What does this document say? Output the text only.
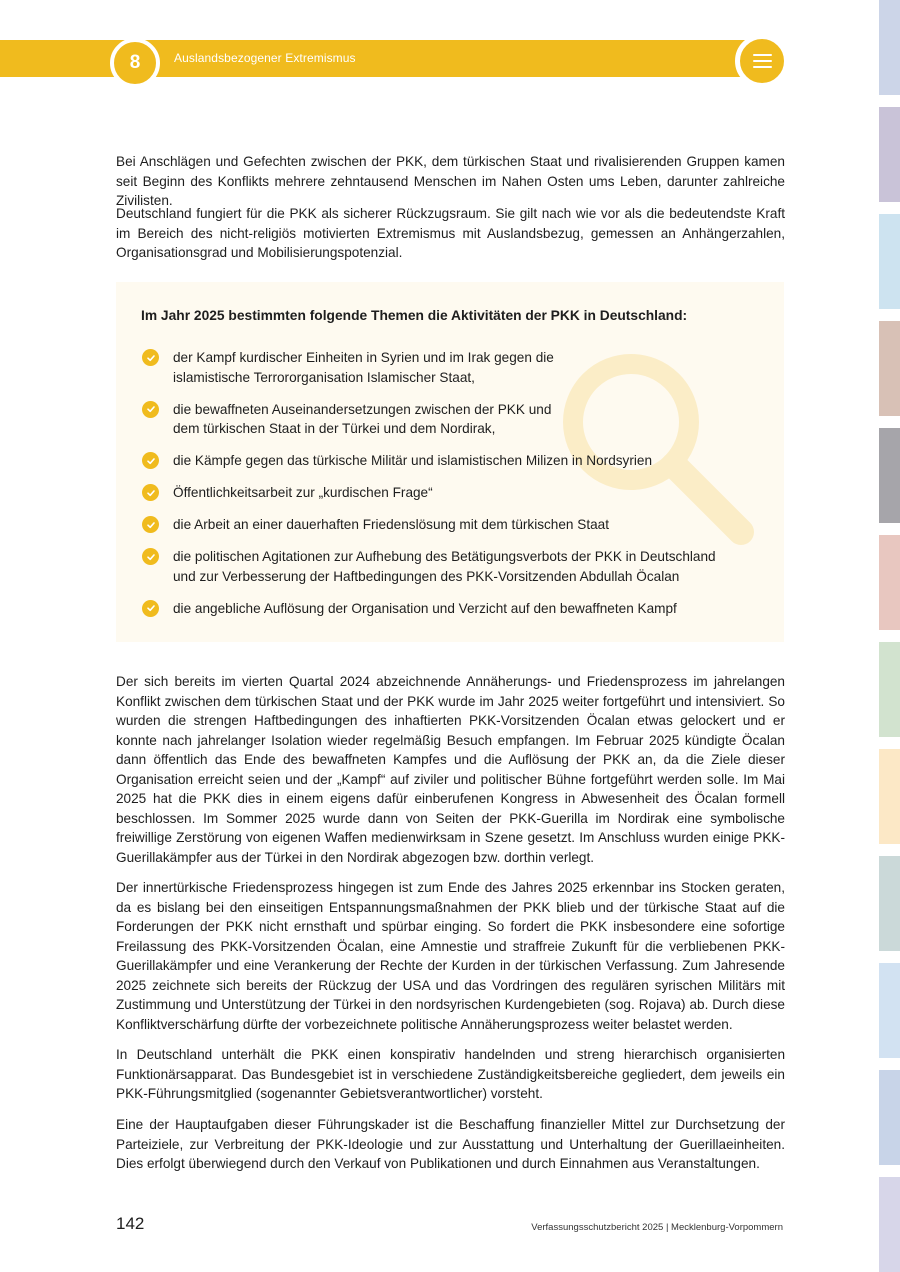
8	Auslandsbezogener Extremismus

Bei Anschlägen und Gefechten zwischen der PKK, dem türkischen Staat und rivalisierenden Gruppen kamen seit Beginn des Konflikts mehrere zehntausend Menschen im Nahen Osten ums Leben, darunter zahlreiche Zivilisten.

Deutschland fungiert für die PKK als sicherer Rückzugsraum. Sie gilt nach wie vor als die bedeutendste Kraft im Bereich des nicht-religiös motivierten Extremismus mit Auslandsbezug, gemessen an Anhängerzahlen, Organisationsgrad und Mobilisierungspotenzial.

Im Jahr 2025 bestimmten folgende Themen die Aktivitäten der PKK in Deutschland:

der Kampf kurdischer Einheiten in Syrien und im Irak gegen die
islamistische Terrororganisation Islamischer Staat,
die bewaffneten Auseinandersetzungen zwischen der PKK und
dem türkischen Staat in der Türkei und dem Nordirak,
die Kämpfe gegen das türkische Militär und islamistischen Milizen in Nordsyrien
Öffentlichkeitsarbeit zur „kurdischen Frage“
die Arbeit an einer dauerhaften Friedenslösung mit dem türkischen Staat
die politischen Agitationen zur Aufhebung des Betätigungsverbots der PKK in Deutschland
und zur Verbesserung der Haftbedingungen des PKK-Vorsitzenden Abdullah Öcalan
die angebliche Auflösung der Organisation und Verzicht auf den bewaffneten Kampf

Der sich bereits im vierten Quartal 2024 abzeichnende Annäherungs- und Friedensprozess im jahrelangen Konflikt zwischen dem türkischen Staat und der PKK wurde im Jahr 2025 weiter fortgeführt und intensiviert. So wurden die strengen Haftbedingungen des inhaftierten PKK-Vorsitzenden Öcalan etwas gelockert und er konnte nach jahrelanger Isolation wieder regelmäßig Besuch empfangen. Im Februar 2025 kündigte Öcalan dann öffentlich das Ende des bewaffneten Kampfes und die Auflösung der PKK an, da die Ziele dieser Organisation erreicht seien und der „Kampf“ auf ziviler und politischer Bühne fortgeführt werden solle. Im Mai 2025 hat die PKK dies in einem eigens dafür einberufenen Kongress in Abwesenheit des Öcalan formell beschlossen. Im Sommer 2025 wurde dann von Seiten der PKK-Guerilla im Nordirak eine symbolische freiwillige Zerstörung von eigenen Waffen medienwirksam in Szene gesetzt. Im Anschluss wurden einige PKK-Guerillakämpfer aus der Türkei in den Nordirak abgezogen bzw. dorthin verlegt.

Der innertürkische Friedensprozess hingegen ist zum Ende des Jahres 2025 erkennbar ins Stocken geraten, da es bislang bei den einseitigen Entspannungsmaßnahmen der PKK blieb und der türkische Staat auf die Forderungen der PKK nicht ernsthaft und spürbar einging. So fordert die PKK insbesondere eine sofortige Freilassung des PKK-Vorsitzenden Öcalan, eine Amnestie und straffreie Zukunft für die verbliebenen PKK-Guerillakämpfer und eine Verankerung der Rechte der Kurden in der türkischen Verfassung. Zum Jahresende 2025 zeichnete sich bereits der Rückzug der USA und das Vordringen des regulären syrischen Militärs mit Zustimmung und Unterstützung der Türkei in den nordsyrischen Kurdengebieten (sog. Rojava) ab. Durch diese Konfliktverschärfung dürfte der vorbezeichnete politische Annäherungsprozess weiter belastet werden.

In Deutschland unterhält die PKK einen konspirativ handelnden und streng hierarchisch organisierten Funktionärsapparat. Das Bundesgebiet ist in verschiedene Zuständigkeitsbereiche gegliedert, dem jeweils ein PKK-Führungsmitglied (sogenannter Gebietsverantwortlicher) vorsteht.

Eine der Hauptaufgaben dieser Führungskader ist die Beschaffung finanzieller Mittel zur Durchsetzung der Parteiziele, zur Verbreitung der PKK-Ideologie und zur Ausstattung und Unterhaltung der Guerillaeinheiten. Dies erfolgt überwiegend durch den Verkauf von Publikationen und durch Einnahmen aus Veranstaltungen.

142	Verfassungsschutzbericht 2025 | Mecklenburg-Vorpommern
